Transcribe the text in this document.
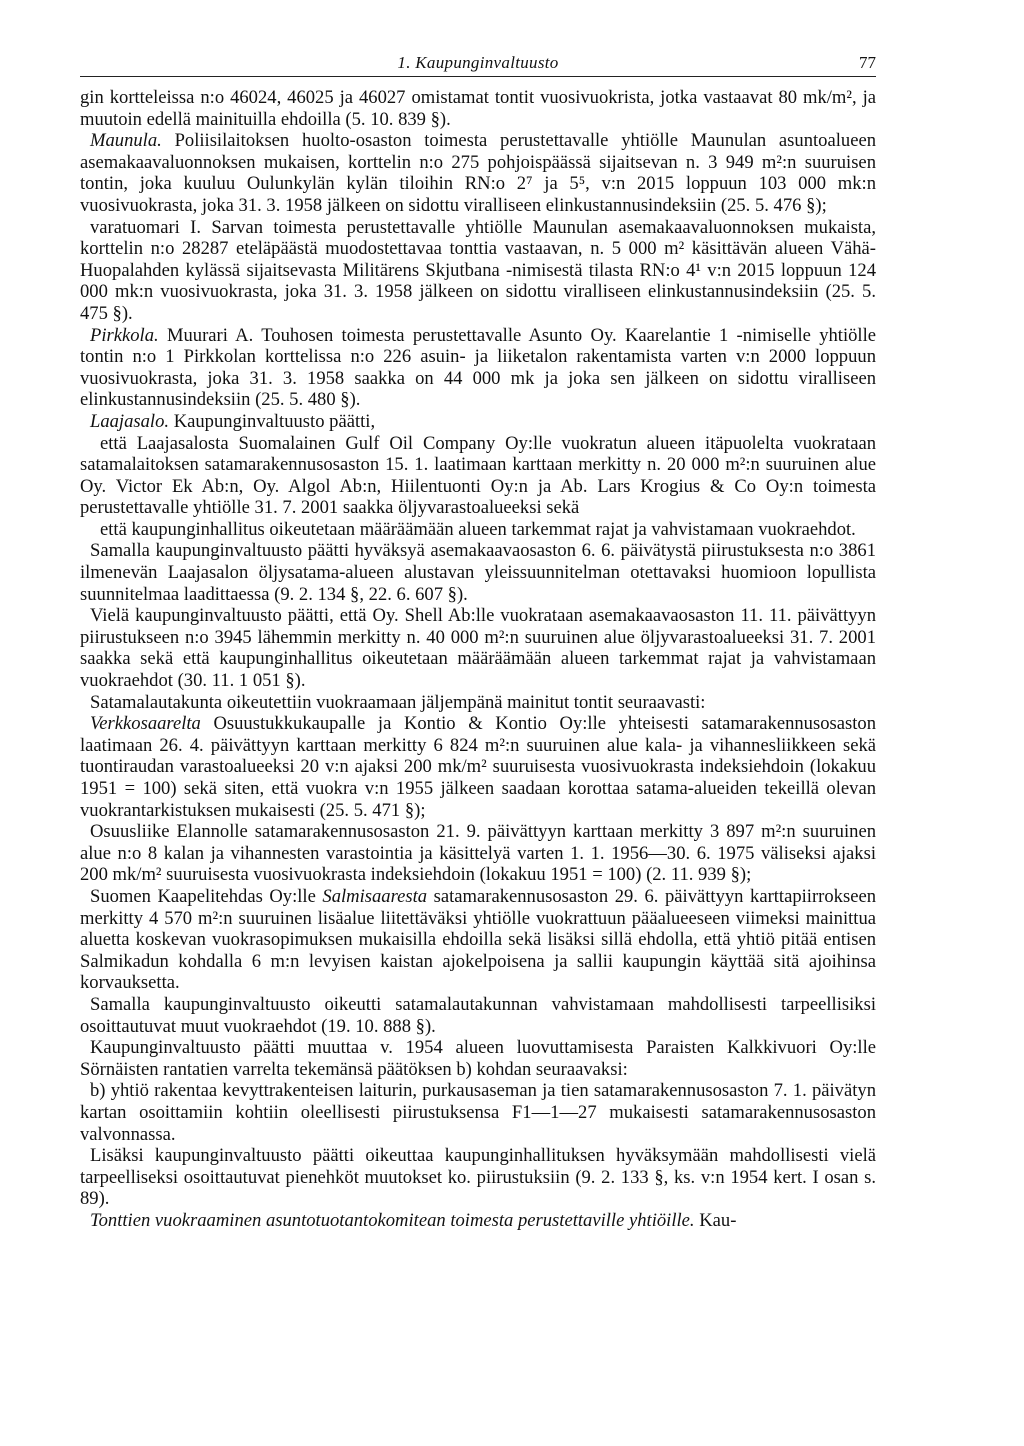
1. Kaupunginvaltuusto	77

gin kortteleissa n:o 46024, 46025 ja 46027 omistamat tontit vuosivuokrista, jotka vastaavat 80 mk/m², ja muutoin edellä mainituilla ehdoilla (5. 10. 839 §).

Maunula. Poliisilaitoksen huolto-osaston toimesta perustettavalle yhtiölle Maunulan asuntoalueen asemakaavaluonnoksen mukaisen, korttelin n:o 275 pohjoispäässä sijaitsevan n. 3 949 m²:n suuruisen tontin, joka kuuluu Oulunkylän kylän tiloihin RN:o 2⁷ ja 5⁵, v:n 2015 loppuun 103 000 mk:n vuosivuokrasta, joka 31. 3. 1958 jälkeen on sidottu viralliseen elinkustannusindeksiin (25. 5. 476 §);

varatuomari I. Sarvan toimesta perustettavalle yhtiölle Maunulan asemakaavaluonnoksen mukaista, korttelin n:o 28287 eteläpäästä muodostettavaa tonttia vastaavan, n. 5 000 m² käsittävän alueen Vähä-Huopalahden kylässä sijaitsevasta Militärens Skjutbana -nimisestä tilasta RN:o 4¹ v:n 2015 loppuun 124 000 mk:n vuosivuokrasta, joka 31. 3. 1958 jälkeen on sidottu viralliseen elinkustannusindeksiin (25. 5. 475 §).

Pirkkola. Muurari A. Touhosen toimesta perustettavalle Asunto Oy. Kaarelantie 1 -nimiselle yhtiölle tontin n:o 1 Pirkkolan korttelissa n:o 226 asuin- ja liiketalon rakentamista varten v:n 2000 loppuun vuosivuokrasta, joka 31. 3. 1958 saakka on 44 000 mk ja joka sen jälkeen on sidottu viralliseen elinkustannusindeksiin (25. 5. 480 §).

Laajasalo. Kaupunginvaltuusto päätti,

että Laajasalosta Suomalainen Gulf Oil Company Oy:lle vuokratun alueen itäpuolelta vuokrataan satamalaitoksen satamarakennusosaston 15. 1. laatimaan karttaan merkitty n. 20 000 m²:n suuruinen alue Oy. Victor Ek Ab:n, Oy. Algol Ab:n, Hiilentuonti Oy:n ja Ab. Lars Krogius & Co Oy:n toimesta perustettavalle yhtiölle 31. 7. 2001 saakka öljyvarastoalueeksi sekä

että kaupunginhallitus oikeutetaan määräämään alueen tarkemmat rajat ja vahvistamaan vuokraehdot.

Samalla kaupunginvaltuusto päätti hyväksyä asemakaavaosaston 6. 6. päivätystä piirustuksesta n:o 3861 ilmenevän Laajasalon öljysatama-alueen alustavan yleissuunnitelman otettavaksi huomioon lopullista suunnitelmaa laadittaessa (9. 2. 134 §, 22. 6. 607 §).

Vielä kaupunginvaltuusto päätti, että Oy. Shell Ab:lle vuokrataan asemakaavaosaston 11. 11. päivättyyn piirustukseen n:o 3945 lähemmin merkitty n. 40 000 m²:n suuruinen alue öljyvarastoalueeksi 31. 7. 2001 saakka sekä että kaupunginhallitus oikeutetaan määräämään alueen tarkemmat rajat ja vahvistamaan vuokraehdot (30. 11. 1 051 §).

Satamalautakunta oikeutettiin vuokraamaan jäljempänä mainitut tontit seuraavasti:

Verkkosaarelta Osuustukkukaupalle ja Kontio & Kontio Oy:lle yhteisesti satamarakennusosaston laatimaan 26. 4. päivättyyn karttaan merkitty 6 824 m²:n suuruinen alue kala- ja vihannesliikkeen sekä tuontiraudan varastoalueeksi 20 v:n ajaksi 200 mk/m² suuruisesta vuosivuokrasta indeksiehdoin (lokakuu 1951 = 100) sekä siten, että vuokra v:n 1955 jälkeen saadaan korottaa satama-alueiden tekeillä olevan vuokrantarkistuksen mukaisesti (25. 5. 471 §);

Osuusliike Elannolle satamarakennusosaston 21. 9. päivättyyn karttaan merkitty 3 897 m²:n suuruinen alue n:o 8 kalan ja vihannesten varastointia ja käsittelyä varten 1. 1. 1956—30. 6. 1975 väliseksi ajaksi 200 mk/m² suuruisesta vuosivuokrasta indeksiehdoin (lokakuu 1951 = 100) (2. 11. 939 §);

Suomen Kaapelitehdas Oy:lle Salmisaaresta satamarakennusosaston 29. 6. päivättyyn karttapiirrokseen merkitty 4 570 m²:n suuruinen lisäalue liitettäväksi yhtiölle vuokrattuun pääalueeseen viimeksi mainittua aluetta koskevan vuokrasopimuksen mukaisilla ehdoilla sekä lisäksi sillä ehdolla, että yhtiö pitää entisen Salmikadun kohdalla 6 m:n levyisen kaistan ajokelpoisena ja sallii kaupungin käyttää sitä ajoihinsa korvauksetta.

Samalla kaupunginvaltuusto oikeutti satamalautakunnan vahvistamaan mahdollisesti tarpeellisiksi osoittautuvat muut vuokraehdot (19. 10. 888 §).

Kaupunginvaltuusto päätti muuttaa v. 1954 alueen luovuttamisesta Paraisten Kalkkivuori Oy:lle Sörnäisten rantatien varrelta tekemänsä päätöksen b) kohdan seuraavaksi:

b) yhtiö rakentaa kevyttrakenteisen laiturin, purkausaseman ja tien satamarakennusosaston 7. 1. päivätyn kartan osoittamiin kohtiin oleellisesti piirustuksensa F1—1—27 mukaisesti satamarakennusosaston valvonnassa.

Lisäksi kaupunginvaltuusto päätti oikeuttaa kaupunginhallituksen hyväksymään mahdollisesti vielä tarpeelliseksi osoittautuvat pienehköt muutokset ko. piirustuksiin (9. 2. 133 §, ks. v:n 1954 kert. I osan s. 89).

Tonttien vuokraaminen asuntotuotantokomitean toimesta perustettaville yhtiöille. Kau-
